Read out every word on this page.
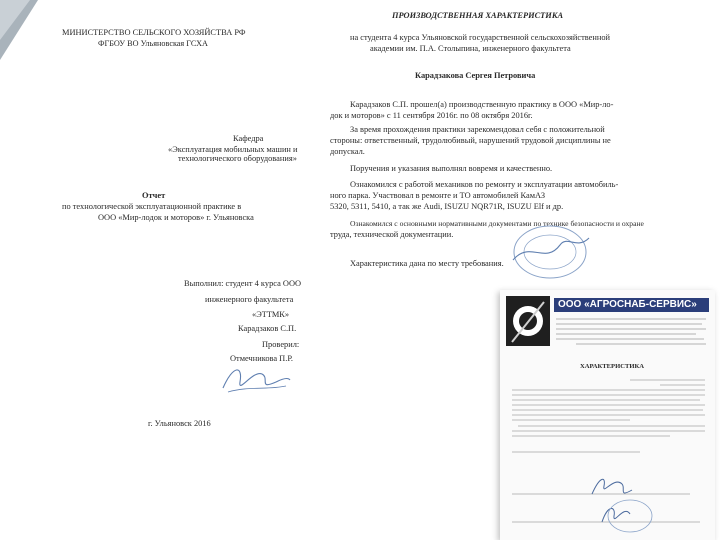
МИНИСТЕРСТВО СЕЛЬСКОГО ХОЗЯЙСТВА РФ
ФГБОУ ВО Ульяновская ГСХА
Кафедра
«Эксплуатация мобильных машин и
технологического оборудования»
Отчет
по технологической эксплуатационной практике в
ООО «Мир-лодок и моторов» г. Ульяновска
Выполнил: студент 4 курса ООО
инженерного факультета
«ЭТТМК»
Карадзаков С.П.
Проверил:
Отмечникова П.Р.
г. Ульяновск 2016
ПРОИЗВОДСТВЕННАЯ ХАРАКТЕРИСТИКА
на студента 4 курса Ульяновской государственной сельскохозяйственной
академии им. П.А. Столыпина, инженерного факультета
Карадзакова Сергея Петровича
Карадзаков С.П. прошел(а) производственную практику в ООО «Мир-ло-
док и моторов» с 11 сентября 2016г. по 08 октября 2016г.
За время прохождения практики зарекомендовал себя с положительной
стороны: ответственный, трудолюбивый, нарушений трудовой дисциплины не
допускал.
Поручения и указания выполнял вовремя и качественно.
Ознакомился с работой механиков по ремонту и эксплуатации автомобиль-
ного парка. Участвовал в ремонте и ТО автомобилей КамАЗ
5320, 5311, 5410, а так же Audi, ISUZU NQR71R, ISUZU Elf и др.
Ознакомился с основными нормативными документами по технике безопасности и охране
труда, технической документации.
Характеристика дана по месту требования.
ООО «АГРОСНАБ-СЕРВИС»
ХАРАКТЕРИСТИКА
